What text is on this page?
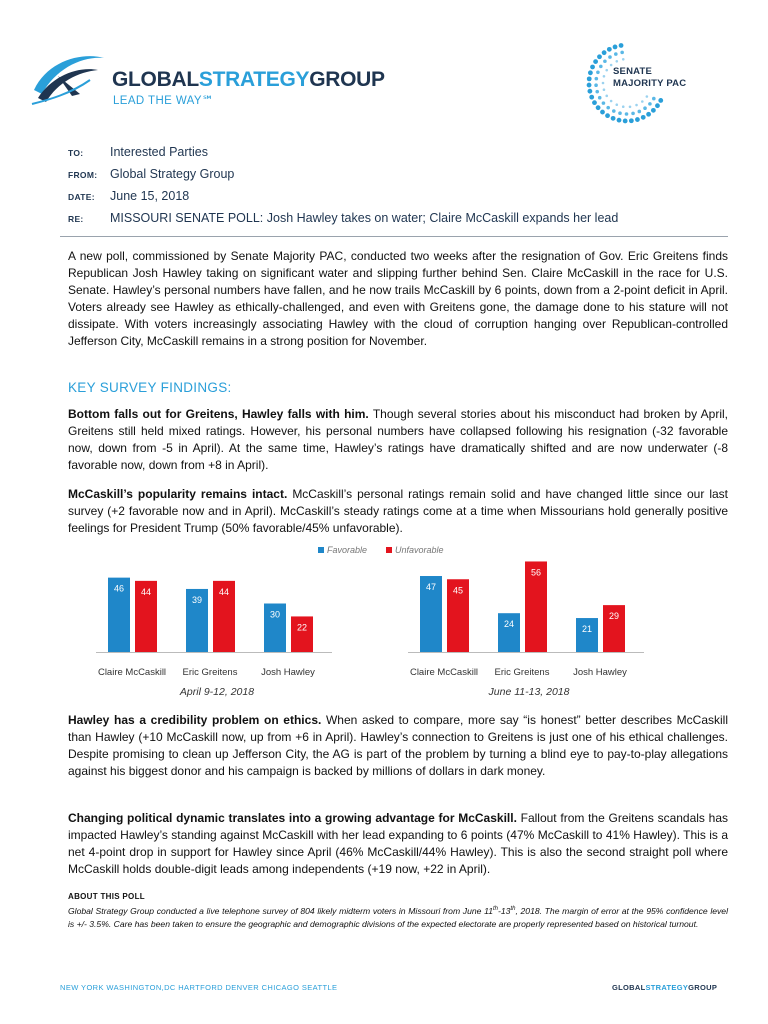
GLOBALSTRATEGYGROUP
LEAD THE WAY℠
SENATE
MAJORITY PAC
TO:	Interested Parties
FROM:	Global Strategy Group
DATE:	June 15, 2018
RE:	MISSOURI SENATE POLL: Josh Hawley takes on water; Claire McCaskill expands her lead
A new poll, commissioned by Senate Majority PAC, conducted two weeks after the resignation of Gov. Eric Greitens finds Republican Josh Hawley taking on significant water and slipping further behind Sen. Claire McCaskill in the race for U.S. Senate. Hawley’s personal numbers have fallen, and he now trails McCaskill by 6 points, down from a 2-point deficit in April. Voters already see Hawley as ethically-challenged, and even with Greitens gone, the damage done to his stature will not dissipate. With voters increasingly associating Hawley with the cloud of corruption hanging over Republican-controlled Jefferson City, McCaskill remains in a strong position for November.
KEY SURVEY FINDINGS:
Bottom falls out for Greitens, Hawley falls with him. Though several stories about his misconduct had broken by April, Greitens still held mixed ratings. However, his personal numbers have collapsed following his resignation (-32 favorable now, down from -5 in April). At the same time, Hawley’s ratings have dramatically shifted and are now underwater (-8 favorable now, down from +8 in April).
McCaskill’s popularity remains intact. McCaskill’s personal ratings remain solid and have changed little since our last survey (+2 favorable now and in April). McCaskill’s steady ratings come at a time when Missourians hold generally positive feelings for President Trump (50% favorable/45% unfavorable).
Favorable	Unfavorable
46 44
Claire McCaskill
39
44
Eric Greitens
30
22
Josh Hawley
April 9-12, 2018
47 45
Claire McCaskill
24
56
Eric Greitens
21
29
Josh Hawley
June 11-13, 2018
Hawley has a credibility problem on ethics. When asked to compare, more say “is honest” better describes McCaskill than Hawley (+10 McCaskill now, up from +6 in April). Hawley’s connection to Greitens is just one of his ethical challenges. Despite promising to clean up Jefferson City, the AG is part of the problem by turning a blind eye to pay-to-play allegations against his biggest donor and his campaign is backed by millions of dollars in dark money.
Changing political dynamic translates into a growing advantage for McCaskill. Fallout from the Greitens scandals has impacted Hawley’s standing against McCaskill with her lead expanding to 6 points (47% McCaskill to 41% Hawley). This is a net 4-point drop in support for Hawley since April (46% McCaskill/44% Hawley). This is also the second straight poll where McCaskill holds double-digit leads among independents (+19 now, +22 in April).
ABOUT THIS POLL
Global Strategy Group conducted a live telephone survey of 804 likely midterm voters in Missouri from June 11th-13th, 2018. The margin of error at the 95% confidence level is +/- 3.5%. Care has been taken to ensure the geographic and demographic divisions of the expected electorate are properly represented based on historical turnout.
NEW YORK WASHINGTON,DC HARTFORD DENVER CHICAGO SEATTLE	GLOBALSTRATEGYGROUP
